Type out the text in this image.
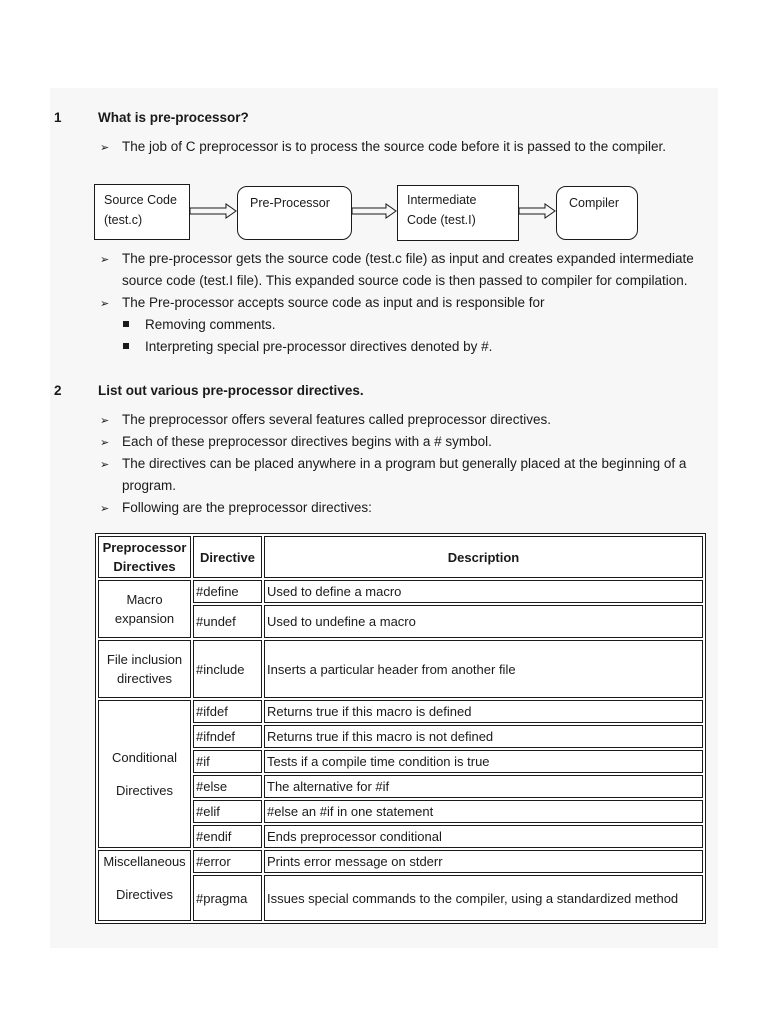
1	What is pre-processor?
➢ The job of C preprocessor is to process the source code before it is passed to the compiler.
Source Code
(test.c)
Pre-Processor	Intermediate
Code (test.I)
Compiler
➢ The pre-processor gets the source code (test.c file) as input and creates expanded intermediate
source code (test.I file). This expanded source code is then passed to compiler for compilation.
➢ The Pre-processor accepts source code as input and is responsible for
Removing comments.
Interpreting special pre-processor directives denoted by #.
2	List out various pre-processor directives.
➢ The preprocessor offers several features called preprocessor directives.
➢ Each of these preprocessor directives begins with a # symbol.
➢ The directives can be placed anywhere in a program but generally placed at the beginning of a
program.
➢ Following are the preprocessor directives:
Preprocessor
Directives	Directive	Description

Macro
expansion	#define	Used to define a macro
	#undef	Used to undefine a macro

File inclusion
directives	#include	Inserts a particular header from another file

Conditional
Directives	#ifdef	Returns true if this macro is defined
	#ifndef	Returns true if this macro is not defined
	#if	Tests if a compile time condition is true
	#else	The alternative for #if
	#elif	#else an #if in one statement
	#endif	Ends preprocessor conditional

Miscellaneous
Directives	#error	Prints error message on stderr
	#pragma	Issues special commands to the compiler, using a standardized method
